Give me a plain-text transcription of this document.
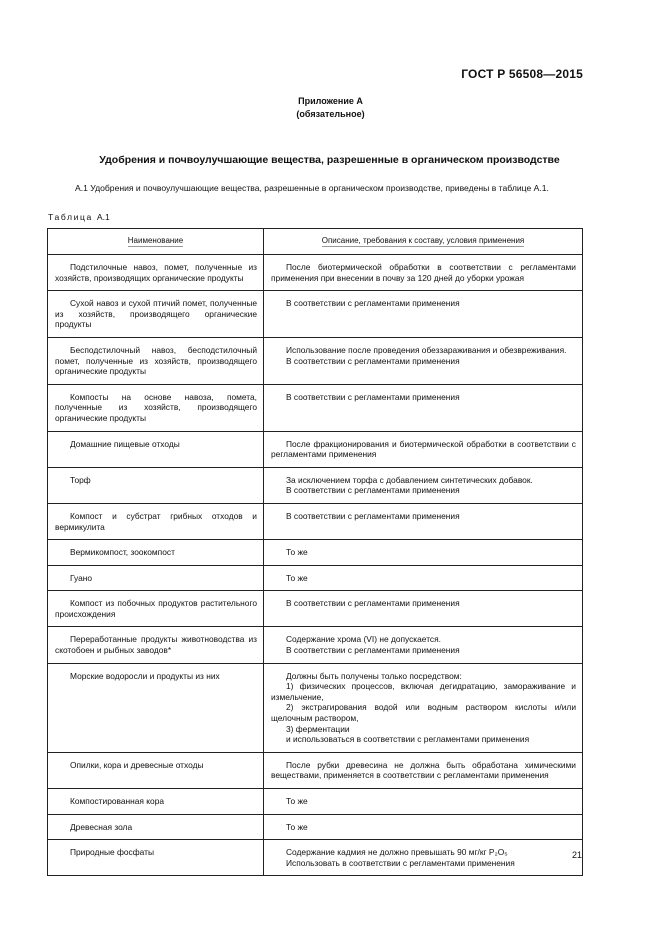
ГОСТ Р 56508—2015
Приложение А
(обязательное)
Удобрения и почвоулучшающие вещества, разрешенные в органическом производстве
А.1 Удобрения и почвоулучшающие вещества, разрешенные в органическом производстве, приведены в таблице А.1.
Таблица А.1
Наименование	Описание, требования к составу, условия применения
Подстилочные навоз, помет, полученные из хозяйств, производящих органические продукты	После биотермической обработки в соответствии с регламентами применения при внесении в почву за 120 дней до уборки урожая

Сухой навоз и сухой птичий помет, полученные из хозяйств, производящего органические продукты	В соответствии с регламентами применения

Бесподстилочный навоз, бесподстилочный помет, полученные из хозяйств, производящего органические продукты	Использование после проведения обеззараживания и обезвреживания.
В соответствии с регламентами применения

Компосты на основе навоза, помета, полученные из хозяйств, производящего органические продукты	В соответствии с регламентами применения

Домашние пищевые отходы	После фракционирования и биотермической обработки в соответствии с регламентами применения

Торф	За исключением торфа с добавлением синтетических добавок.
В соответствии с регламентами применения

Компост и субстрат грибных отходов и вермикулита	В соответствии с регламентами применения

Вермикомпост, зоокомпост	То же

Гуано	То же

Компост из побочных продуктов растительного происхождения	В соответствии с регламентами применения

Переработанные продукты животноводства из скотобоен и рыбных заводов*	Содержание хрома (VI) не допускается.
В соответствии с регламентами применения

Морские водоросли и продукты из них	Должны быть получены только посредством:
1) физических процессов, включая дегидратацию, замораживание и измельчение,
2) экстрагирования водой или водным раствором кислоты и/или щелочным раствором,
3) ферментации
и использоваться в соответствии с регламентами применения

Опилки, кора и древесные отходы	После рубки древесина не должна быть обработана химическими веществами, применяется в соответствии с регламентами применения

Компостированная кора	То же

Древесная зола	То же

Природные фосфаты	Содержание кадмия не должно превышать 90 мг/кг P₂O₅
Использовать в соответствии с регламентами применения
21
